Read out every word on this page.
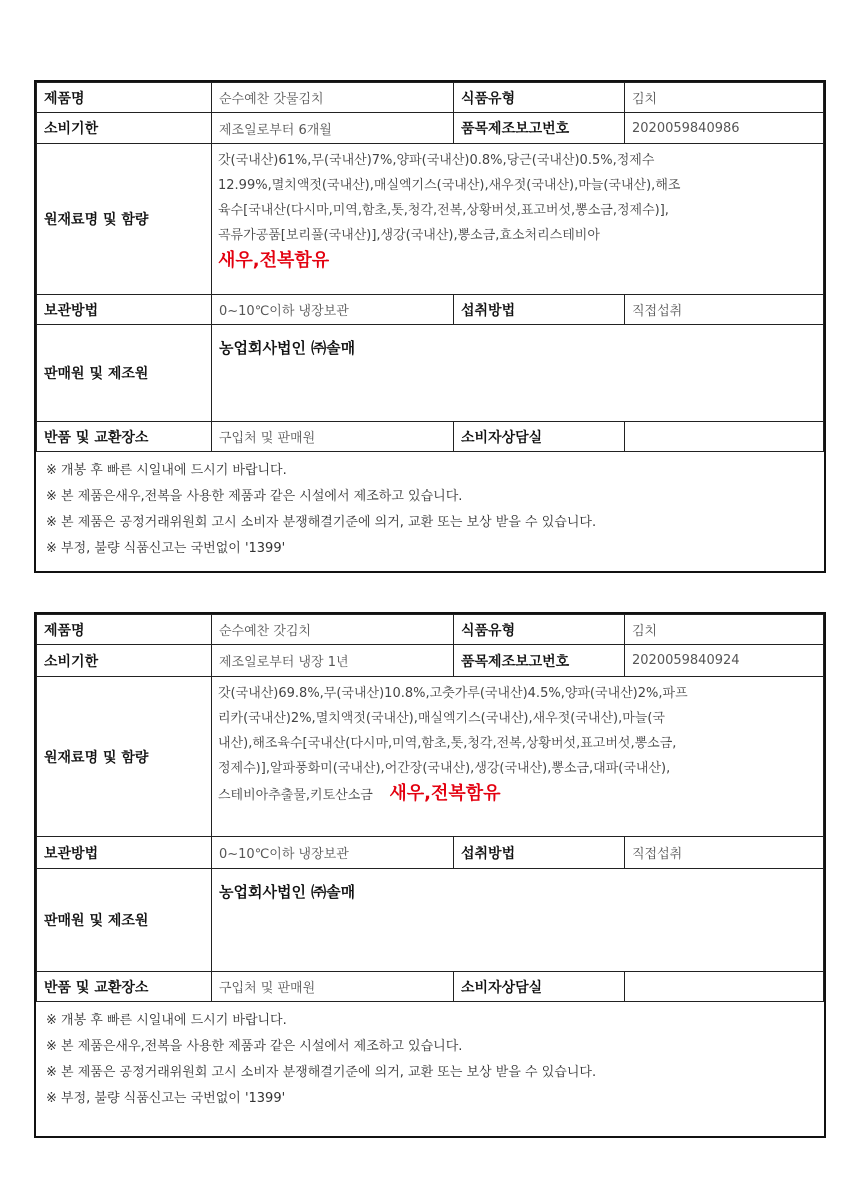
제품명	순수예찬 갓물김치	식품유형	김치
소비기한	제조일로부터 6개월	품목제조보고번호	2020059840986
원재료명 및 함량	갓(국내산)61%,무(국내산)7%,양파(국내산)0.8%,당근(국내산)0.5%,정제수
12.99%,멸치액젓(국내산),매실엑기스(국내산),새우젓(국내산),마늘(국내산),해조
육수[국내산(다시마,미역,함초,톳,청각,전복,상황버섯,표고버섯,뽕소금,정제수)],
곡류가공품[보리풀(국내산)],생강(국내산),뽕소금,효소처리스테비아
새우,전복함유		

보관방법	0~10℃이하 냉장보관	섭취방법	직접섭취
판매원 및 제조원	농업회사법인 ㈜솔매		

반품 및 교환장소	구입처 및 판매원	소비자상담실	
※ 개봉 후 빠른 시일내에 드시기 바랍니다.
※ 본 제품은새우,전복을 사용한 제품과 같은 시설에서 제조하고 있습니다.
※ 본 제품은 공정거래위원회 고시 소비자 분쟁해결기준에 의거, 교환 또는 보상 받을 수 있습니다.
※ 부정, 불량 식품신고는 국번없이 '1399'
제품명	순수예찬 갓김치	식품유형	김치
소비기한	제조일로부터 냉장 1년	품목제조보고번호	2020059840924
원재료명 및 함량	갓(국내산)69.8%,무(국내산)10.8%,고춧가루(국내산)4.5%,양파(국내산)2%,파프
리카(국내산)2%,멸치액젓(국내산),매실엑기스(국내산),새우젓(국내산),마늘(국
내산),해조육수[국내산(다시마,미역,함초,톳,청각,전복,상황버섯,표고버섯,뽕소금,
정제수)],알파풍화미(국내산),어간장(국내산),생강(국내산),뽕소금,대파(국내산),
스테비아추출물,키토산소금 새우,전복함유		

보관방법	0~10℃이하 냉장보관	섭취방법	직접섭취
판매원 및 제조원	농업회사법인 ㈜솔매		

반품 및 교환장소	구입처 및 판매원	소비자상담실	
※ 개봉 후 빠른 시일내에 드시기 바랍니다.
※ 본 제품은새우,전복을 사용한 제품과 같은 시설에서 제조하고 있습니다.
※ 본 제품은 공정거래위원회 고시 소비자 분쟁해결기준에 의거, 교환 또는 보상 받을 수 있습니다.
※ 부정, 불량 식품신고는 국번없이 '1399'
